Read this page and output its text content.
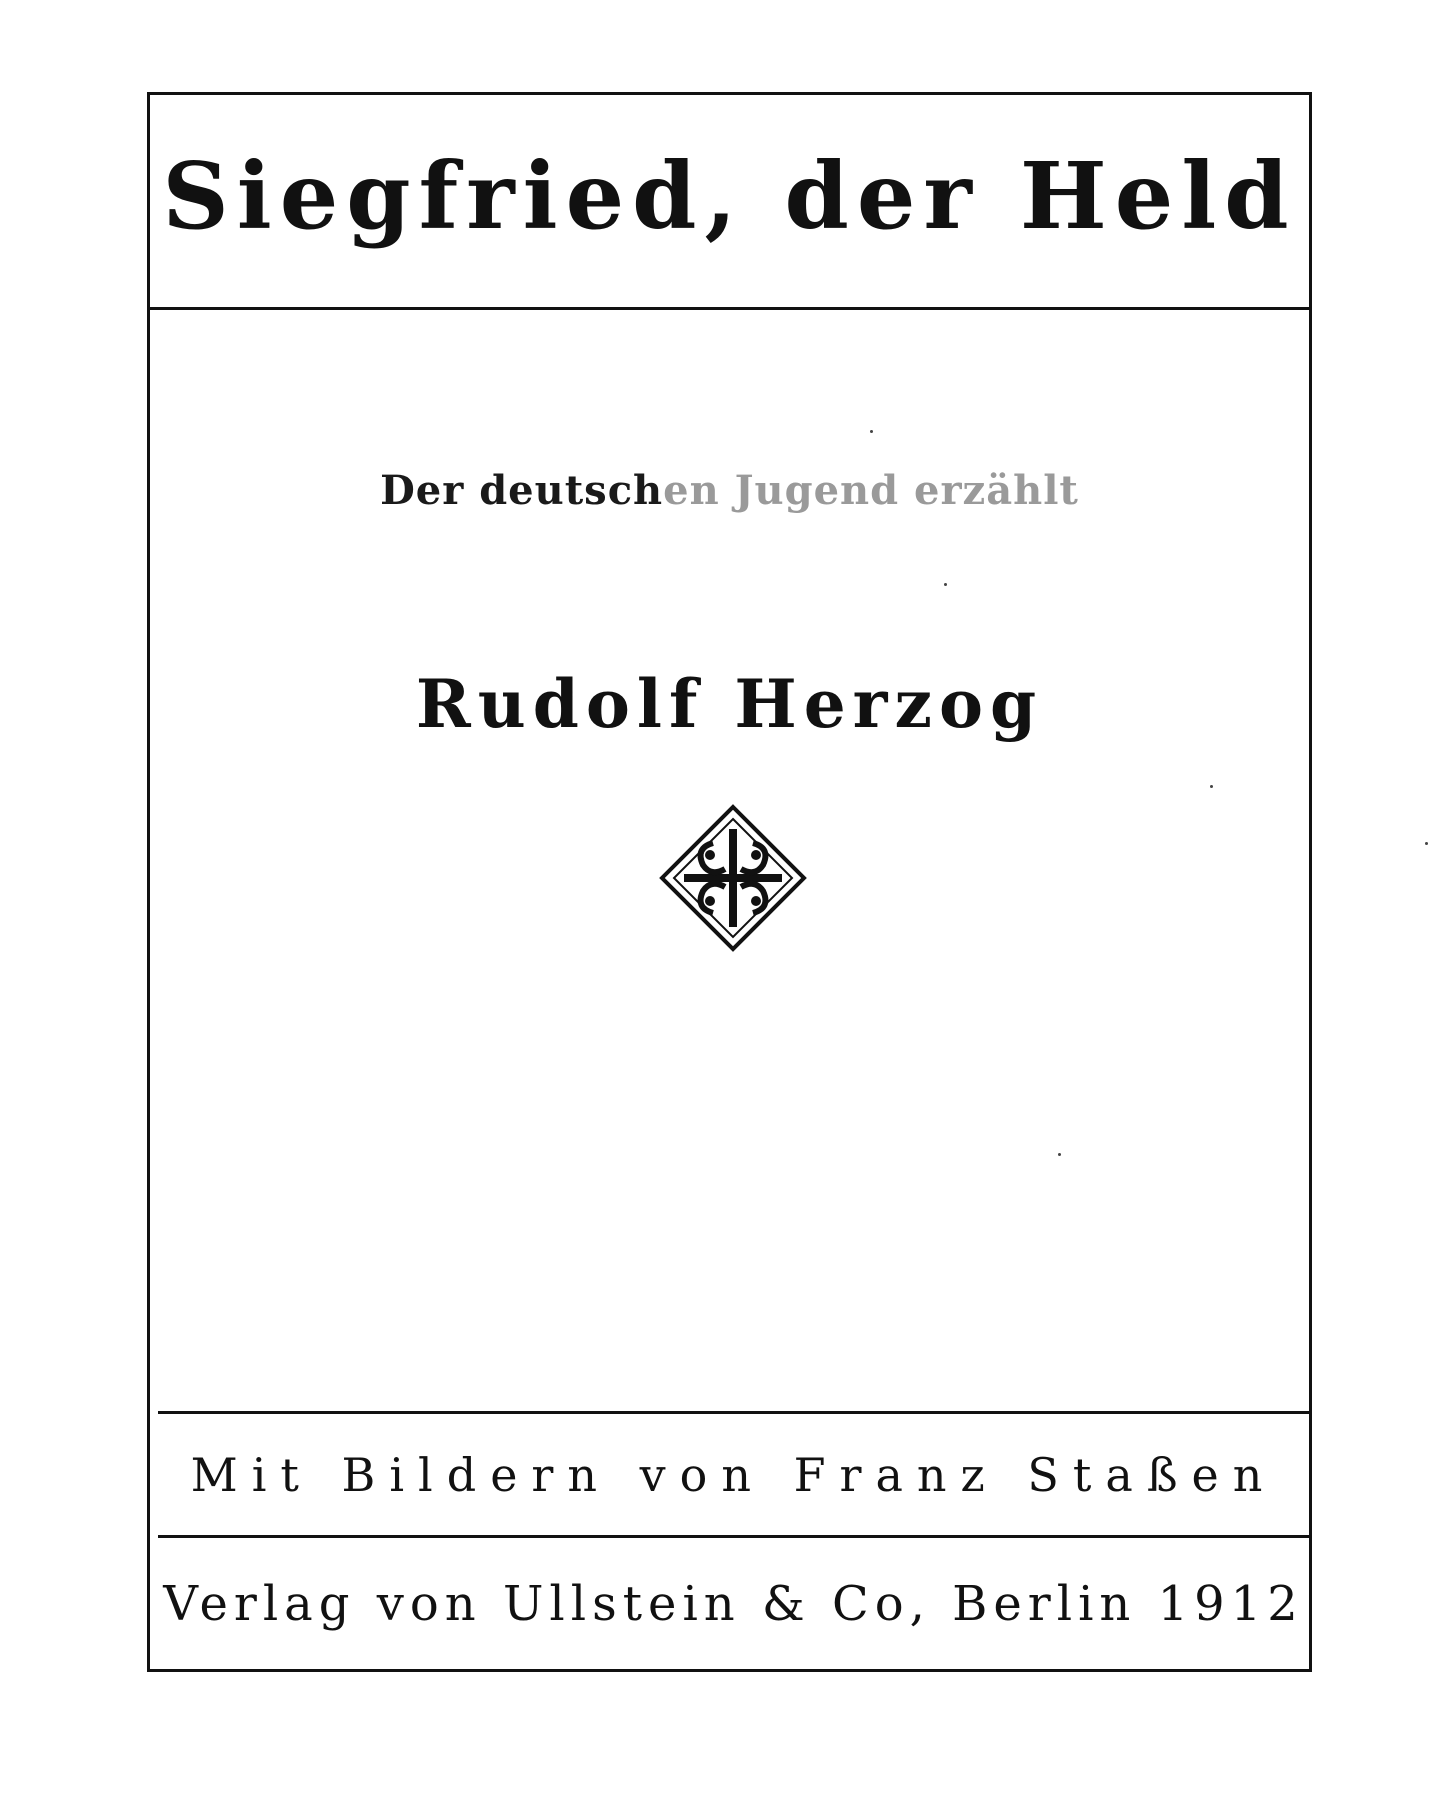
Siegfried, der Held

Der deutschen Jugend erzählt

Rudolf Herzog

Mit Bildern von Franz Staßen

Verlag von Ullstein & Co, Berlin 1912
